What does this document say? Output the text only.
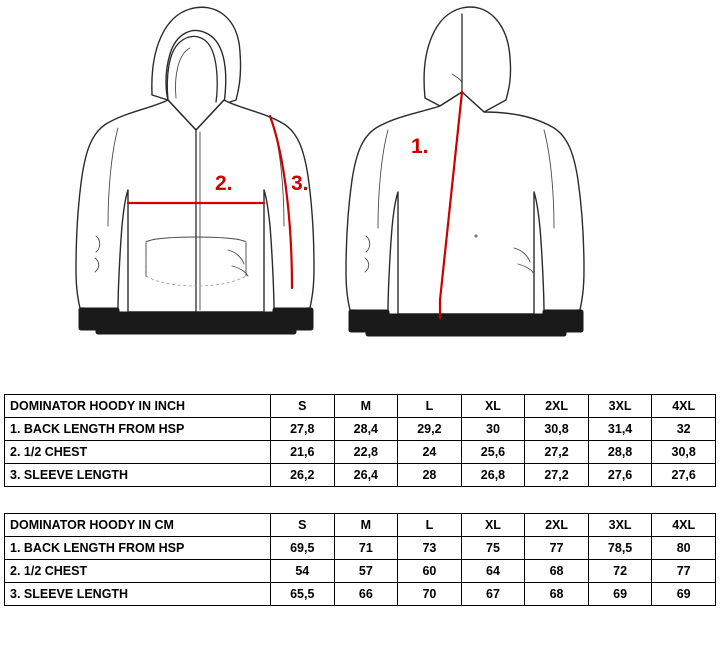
2.	3.
1.
DOMINATOR HOODY IN INCH	S	M	L	XL	2XL	3XL	4XL
1. BACK LENGTH FROM HSP	27,8	28,4	29,2	30	30,8	31,4	32
2. 1/2 CHEST	21,6	22,8	24	25,6	27,2	28,8	30,8
3. SLEEVE LENGTH	26,2	26,4	28	26,8	27,2	27,6	27,6
DOMINATOR HOODY IN CM	S	M	L	XL	2XL	3XL	4XL
1. BACK LENGTH FROM HSP	69,5	71	73	75	77	78,5	80
2. 1/2 CHEST	54	57	60	64	68	72	77
3. SLEEVE LENGTH	65,5	66	70	67	68	69	69
